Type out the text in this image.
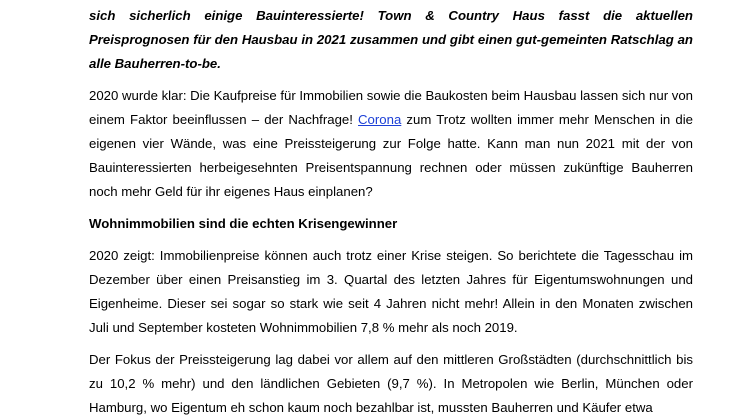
sich sicherlich einige Bauinteressierte! Town & Country Haus fasst die aktuellen Preisprognosen für den Hausbau in 2021 zusammen und gibt einen gut-gemeinten Ratschlag an alle Bauherren-to-be.

2020 wurde klar: Die Kaufpreise für Immobilien sowie die Baukosten beim Hausbau lassen sich nur von einem Faktor beeinflussen – der Nachfrage! Corona zum Trotz wollten immer mehr Menschen in die eigenen vier Wände, was eine Preissteigerung zur Folge hatte. Kann man nun 2021 mit der von Bauinteressierten herbeigesehnten Preisentspannung rechnen oder müssen zukünftige Bauherren noch mehr Geld für ihr eigenes Haus einplanen?

Wohnimmobilien sind die echten Krisengewinner

2020 zeigt: Immobilienpreise können auch trotz einer Krise steigen. So berichtete die Tagesschau im Dezember über einen Preisanstieg im 3. Quartal des letzten Jahres für Eigentumswohnungen und Eigenheime. Dieser sei sogar so stark wie seit 4 Jahren nicht mehr! Allein in den Monaten zwischen Juli und September kosteten Wohnimmobilien 7,8 % mehr als noch 2019.

Der Fokus der Preissteigerung lag dabei vor allem auf den mittleren Großstädten (durchschnittlich bis zu 10,2 % mehr) und den ländlichen Gebieten (9,7 %). In Metropolen wie Berlin, München oder Hamburg, wo Eigentum eh schon kaum noch bezahlbar ist, mussten Bauherren und Käufer etwa
